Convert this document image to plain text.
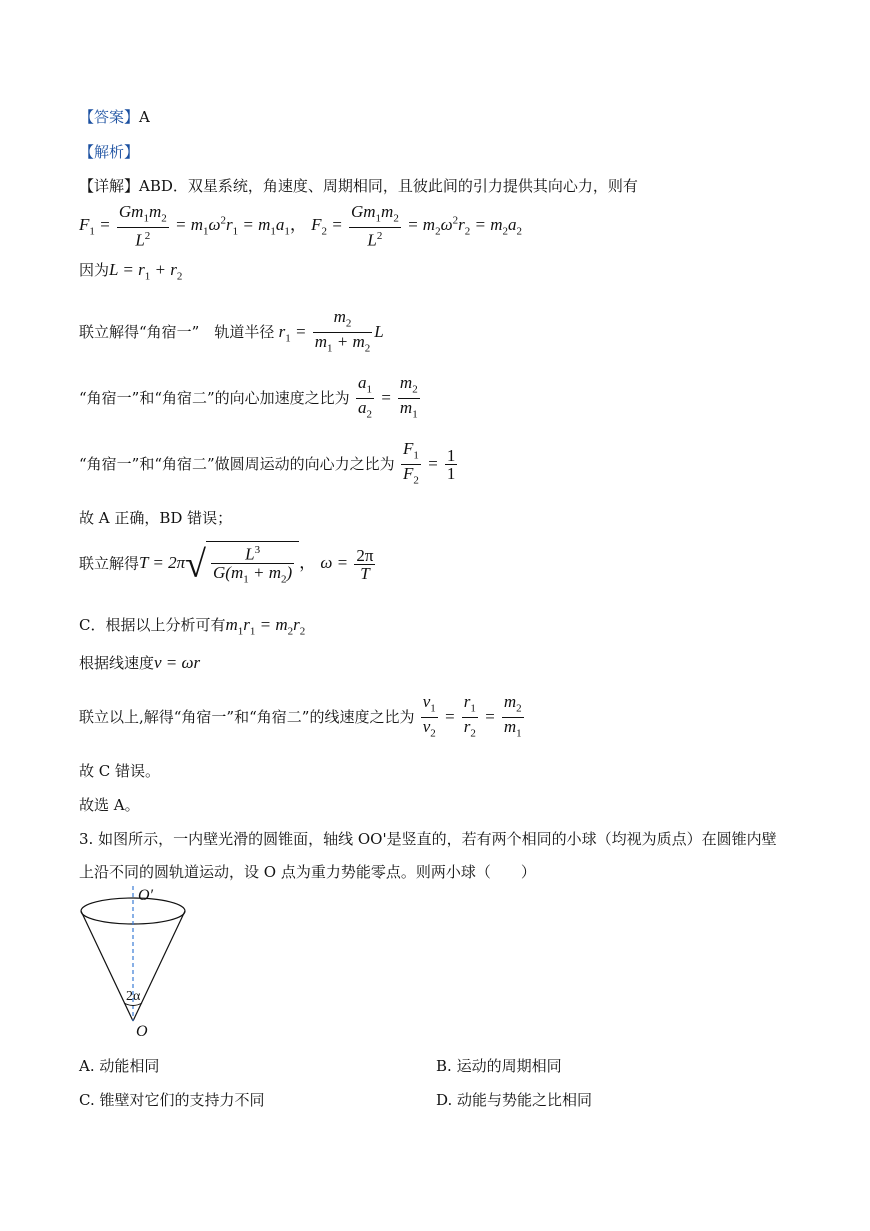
【答案】A
【解析】
【详解】ABD．双星系统，角速度、周期相同，且彼此间的引力提供其向心力，则有
$F_1 = \frac{Gm_1m_2}{L^2} = m_1\omega^2r_1 = m_1a_1$， $F_2 = \frac{Gm_1m_2}{L^2} = m_2\omega^2r_2 = m_2a_2$
因为$L = r_1 + r_2$
联立解得“角宿一”　轨道半径 $r_1 = \frac{m_2}{m_1 + m_2}$ L
“角宿一”和“角宿二”的向心加速度之比为 $\frac{a_1}{a_2} = \frac{m_2}{m_1}$
“角宿一”和“角宿二”做圆周运动的向心力之比为 $\frac{F_1}{F_2} = \frac{1}{1}$
故 A 正确，BD 错误；
联立解得$T = 2\pi√ \frac{L^3}{G(m_1 + m_2)}$ ， $\omega = \frac{2\pi}{T}$
C．根据以上分析可有$m_1r_1 = m_2r_2$
根据线速度v = ωr
联立以上,解得“角宿一”和“角宿二”的线速度之比为 $\frac{v_1}{v_2} = \frac{r_1}{r_2} = \frac{m_2}{m_1}$
故 C 错误。
故选 A。
3. 如图所示，一内壁光滑的圆锥面，轴线 OO'是竖直的，若有两个相同的小球（均视为质点）在圆锥内壁
上沿不同的圆轨道运动，设 O 点为重力势能零点。则两小球（　　）
O′
2α
O
A. 动能相同	B. 运动的周期相同
C. 锥壁对它们的支持力不同	D. 动能与势能之比相同
